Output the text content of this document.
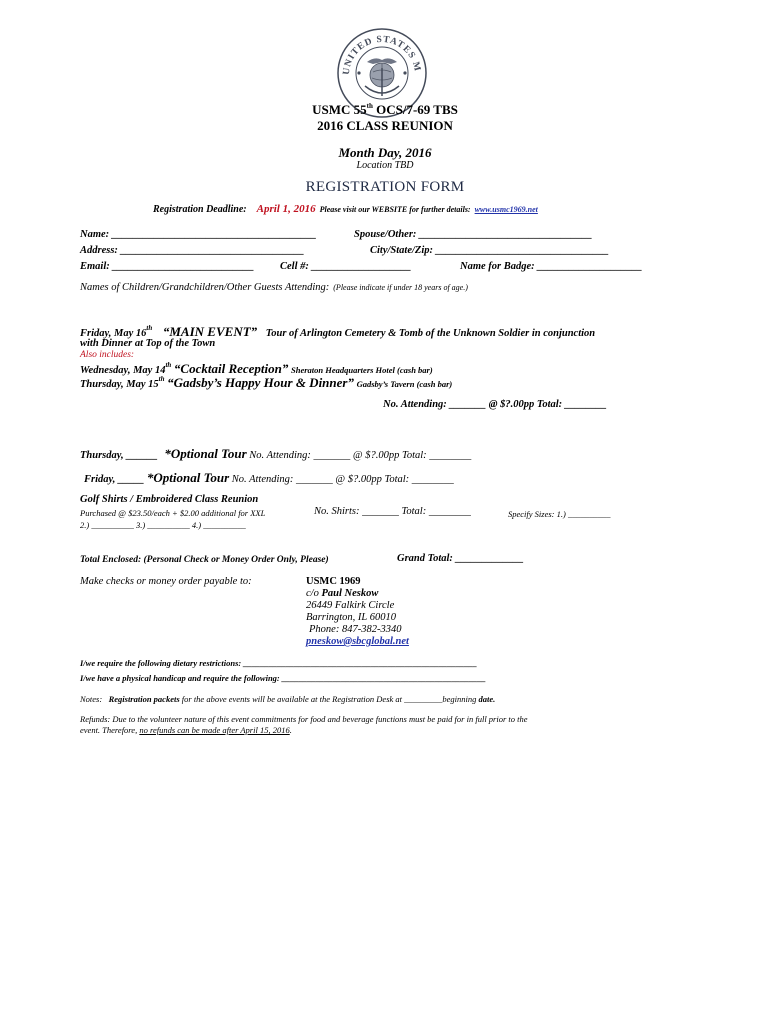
UNITED STATES M
USMC 55th OCS/7-69 TBS
2016 CLASS REUNION
Month Day, 2016
Location TBD
REGISTRATION FORM
Registration Deadline: April 1, 2016 Please visit our WEBSITE for further details: www.usmc1969.net
Name: _______________________________________	Spouse/Other: _________________________________
Address: ___________________________________	City/State/Zip: _________________________________
Email: ___________________________ Cell #: ___________________	Name for Badge: ____________________
Names of Children/Grandchildren/Other Guests Attending: (Please indicate if under 18 years of age.)
Friday, May 16th “MAIN EVENT” Tour of Arlington Cemetery & Tomb of the Unknown Soldier in conjunction
with Dinner at Top of the Town
Also includes:
Wednesday, May 14th “Cocktail Reception” Sheraton Headquarters Hotel (cash bar)
Thursday, May 15th “Gadsby’s Happy Hour & Dinner” Gadsby’s Tavern (cash bar)
No. Attending: _______ @ $?.00pp Total: ________
Thursday, ______ *Optional Tour No. Attending: _______ @ $?.00pp Total: ________
Friday, _____ *Optional Tour No. Attending: _______ @ $?.00pp Total: ________
Golf Shirts / Embroidered Class Reunion
Purchased @ $23.50/each + $2.00 additional for XXL	No. Shirts: _______ Total: ________	Specify Sizes: 1.) __________
2.) __________ 3.) __________ 4.) __________
Total Enclosed: (Personal Check or Money Order Only, Please)	Grand Total: _____________
Make checks or money order payable to:	USMC 1969
c/o Paul Neskow
26449 Falkirk Circle
Barrington, IL 60010
Phone: 847-382-3340
pneskow@sbcglobal.net
I/we require the following dietary restrictions: _______________________________________________________
I/we have a physical handicap and require the following: ________________________________________________
Notes: Registration packets for the above events will be available at the Registration Desk at _________beginning date.
Refunds: Due to the volunteer nature of this event commitments for food and beverage functions must be paid for in full prior to the
event. Therefore, no refunds can be made after April 15, 2016.
